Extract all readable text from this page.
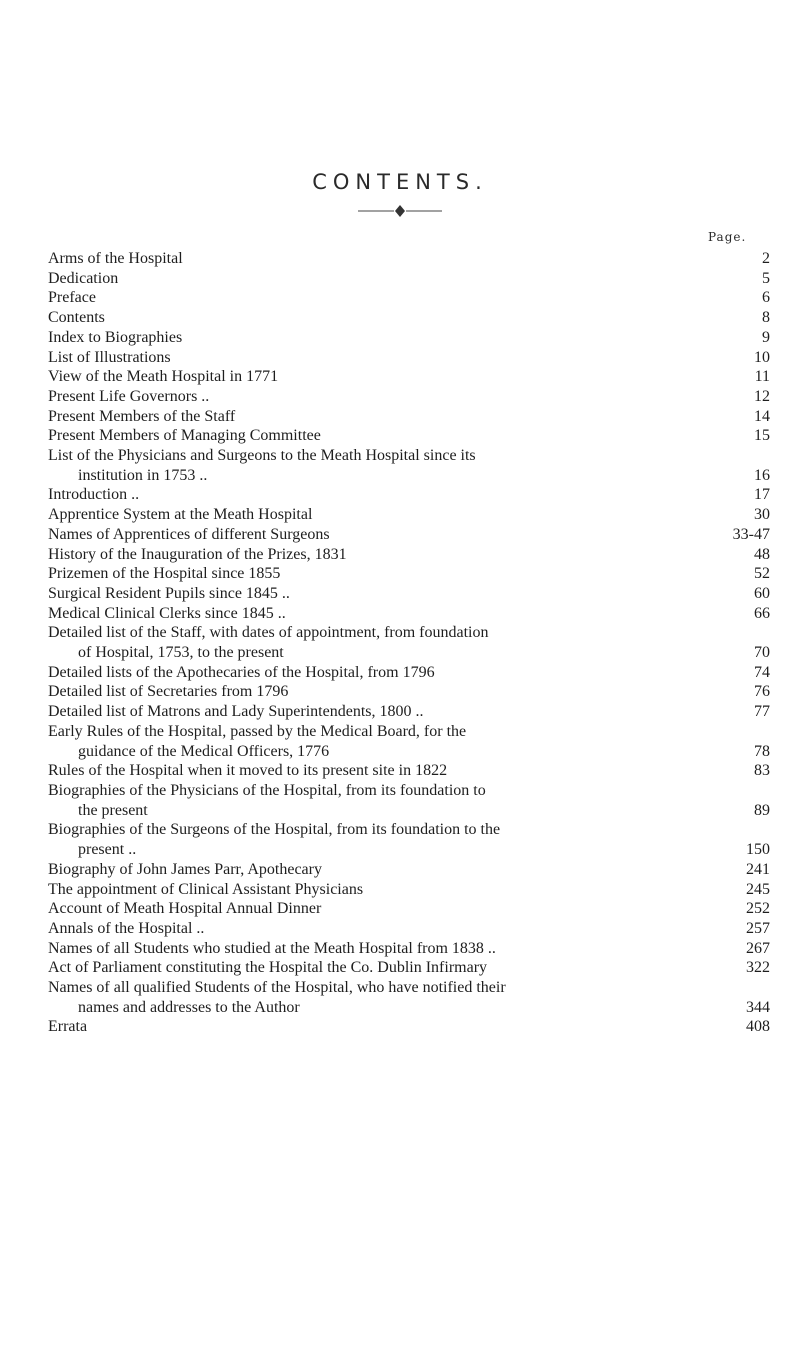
CONTENTS.
Page.
Arms of the Hospital	2
Dedication	5
Preface	6
Contents	8
Index to Biographies	9
List of Illustrations	10
View of the Meath Hospital in 1771	11
Present Life Governors ..	12
Present Members of the Staff	14
Present Members of Managing Committee	15
List of the Physicians and Surgeons to the Meath Hospital since its
institution in 1753 ..	16
Introduction ..	17
Apprentice System at the Meath Hospital	30
Names of Apprentices of different Surgeons	33-47
History of the Inauguration of the Prizes, 1831	48
Prizemen of the Hospital since 1855	52
Surgical Resident Pupils since 1845 ..	60
Medical Clinical Clerks since 1845 ..	66
Detailed list of the Staff, with dates of appointment, from foundation
of Hospital, 1753, to the present	70
Detailed lists of the Apothecaries of the Hospital, from 1796	74
Detailed list of Secretaries from 1796	76
Detailed list of Matrons and Lady Superintendents, 1800 ..	77
Early Rules of the Hospital, passed by the Medical Board, for the
guidance of the Medical Officers, 1776	78
Rules of the Hospital when it moved to its present site in 1822	83
Biographies of the Physicians of the Hospital, from its foundation to
the present	89
Biographies of the Surgeons of the Hospital, from its foundation to the
present ..	150
Biography of John James Parr, Apothecary	241
The appointment of Clinical Assistant Physicians	245
Account of Meath Hospital Annual Dinner	252
Annals of the Hospital ..	257
Names of all Students who studied at the Meath Hospital from 1838 ..	267
Act of Parliament constituting the Hospital the Co. Dublin Infirmary	322
Names of all qualified Students of the Hospital, who have notified their
names and addresses to the Author	344
Errata	408
